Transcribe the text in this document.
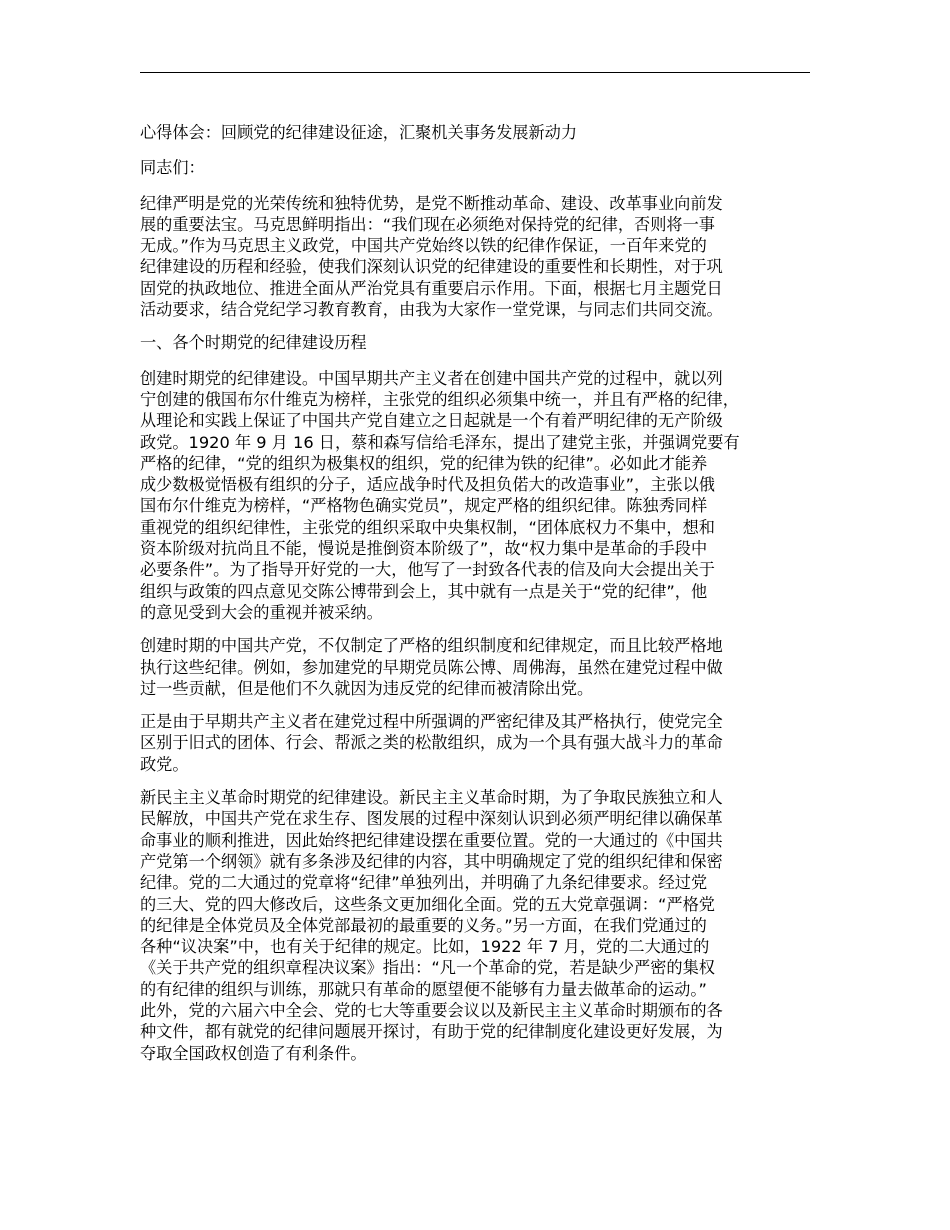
心得体会：回顾党的纪律建设征途，汇聚机关事务发展新动力
同志们：
纪律严明是党的光荣传统和独特优势，是党不断推动革命、建设、改革事业向前发
展的重要法宝。马克思鲜明指出：“我们现在必须绝对保持党的纪律，否则将一事
无成。”作为马克思主义政党，中国共产党始终以铁的纪律作保证，一百年来党的
纪律建设的历程和经验，使我们深刻认识党的纪律建设的重要性和长期性，对于巩
固党的执政地位、推进全面从严治党具有重要启示作用。下面，根据七月主题党日
活动要求，结合党纪学习教育教育，由我为大家作一堂党课，与同志们共同交流。
一、各个时期党的纪律建设历程
创建时期党的纪律建设。中国早期共产主义者在创建中国共产党的过程中，就以列
宁创建的俄国布尔什维克为榜样，主张党的组织必须集中统一，并且有严格的纪律，
从理论和实践上保证了中国共产党自建立之日起就是一个有着严明纪律的无产阶级
政党。1920 年 9 月 16 日，蔡和森写信给毛泽东，提出了建党主张，并强调党要有
严格的纪律，“党的组织为极集权的组织，党的纪律为铁的纪律”。必如此才能养
成少数极觉悟极有组织的分子，适应战争时代及担负偌大的改造事业”，主张以俄
国布尔什维克为榜样，“严格物色确实党员”，规定严格的组织纪律。陈独秀同样
重视党的组织纪律性，主张党的组织采取中央集权制，“团体底权力不集中，想和
资本阶级对抗尚且不能，慢说是推倒资本阶级了”，故“权力集中是革命的手段中
必要条件”。为了指导开好党的一大，他写了一封致各代表的信及向大会提出关于
组织与政策的四点意见交陈公博带到会上，其中就有一点是关于“党的纪律”，他
的意见受到大会的重视并被采纳。
创建时期的中国共产党，不仅制定了严格的组织制度和纪律规定，而且比较严格地
执行这些纪律。例如，参加建党的早期党员陈公博、周佛海，虽然在建党过程中做
过一些贡献，但是他们不久就因为违反党的纪律而被清除出党。
正是由于早期共产主义者在建党过程中所强调的严密纪律及其严格执行，使党完全
区别于旧式的团体、行会、帮派之类的松散组织，成为一个具有强大战斗力的革命
政党。
新民主主义革命时期党的纪律建设。新民主主义革命时期，为了争取民族独立和人
民解放，中国共产党在求生存、图发展的过程中深刻认识到必须严明纪律以确保革
命事业的顺利推进，因此始终把纪律建设摆在重要位置。党的一大通过的《中国共
产党第一个纲领》就有多条涉及纪律的内容，其中明确规定了党的组织纪律和保密
纪律。党的二大通过的党章将“纪律”单独列出，并明确了九条纪律要求。经过党
的三大、党的四大修改后，这些条文更加细化全面。党的五大党章强调：“严格党
的纪律是全体党员及全体党部最初的最重要的义务。”另一方面，在我们党通过的
各种“议决案”中，也有关于纪律的规定。比如，1922 年 7 月，党的二大通过的
《关于共产党的组织章程决议案》指出：“凡一个革命的党，若是缺少严密的集权
的有纪律的组织与训练，那就只有革命的愿望便不能够有力量去做革命的运动。”
此外，党的六届六中全会、党的七大等重要会议以及新民主主义革命时期颁布的各
种文件，都有就党的纪律问题展开探讨，有助于党的纪律制度化建设更好发展，为
夺取全国政权创造了有利条件。
